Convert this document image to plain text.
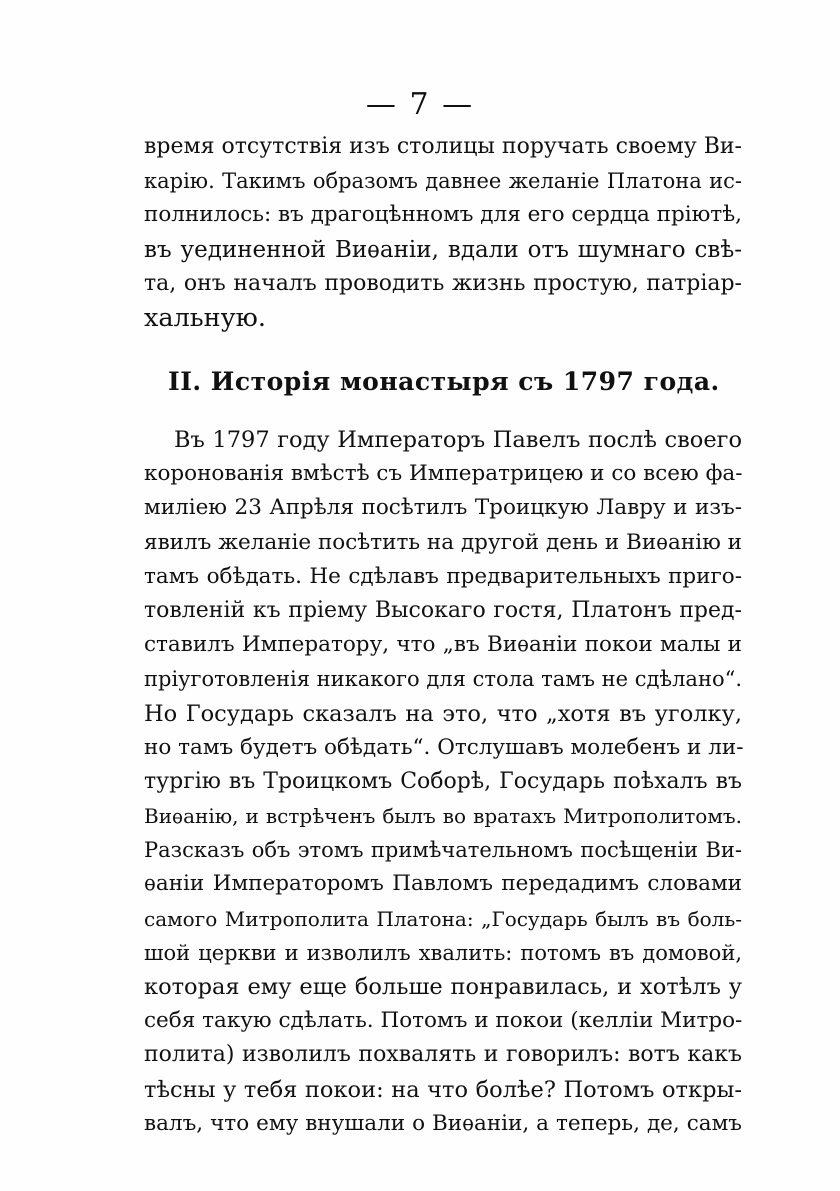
— 7 —
время отсутствія изъ столицы поручать своему Ви-
карію. Такимъ образомъ давнее желаніе Платона ис-
полнилось: въ драгоцѣнномъ для его сердца пріютѣ,
въ уединенной Виѳаніи, вдали отъ шумнаго свѣ-
та, онъ началъ проводить жизнь простую, патріар-
хальную.
II. Исторія монастыря съ 1797 года.
Въ 1797 году Императоръ Павелъ послѣ своего
коронованія вмѣстѣ съ Императрицею и со всею фа-
миліею 23 Апрѣля посѣтилъ Троицкую Лавру и изъ-
явилъ желаніе посѣтить на другой день и Виѳанію и
тамъ обѣдать. Не сдѣлавъ предварительныхъ приго-
товленій къ пріему Высокаго гостя, Платонъ пред-
ставилъ Императору, что „въ Виѳаніи покои малы и
пріуготовленія никакого для стола тамъ не сдѣлано“.
Но Государь сказалъ на это, что „хотя въ уголку,
но тамъ будетъ обѣдать“. Отслушавъ молебенъ и ли-
тургію въ Троицкомъ Соборѣ, Государь поѣхалъ въ
Виѳанію, и встрѣченъ былъ во вратахъ Митрополитомъ.
Разсказъ объ этомъ примѣчательномъ посѣщеніи Ви-
ѳаніи Императоромъ Павломъ передадимъ словами
самого Митрополита Платона: „Государь былъ въ боль-
шой церкви и изволилъ хвалить: потомъ въ домовой,
которая ему еще больше понравилась, и хотѣлъ у
себя такую сдѣлать. Потомъ и покои (келліи Митро-
полита) изволилъ похвалять и говорилъ: вотъ какъ
тѣсны у тебя покои: на что болѣе? Потомъ откры-
валъ, что ему внушали о Виѳаніи, а теперь, де, самъ
